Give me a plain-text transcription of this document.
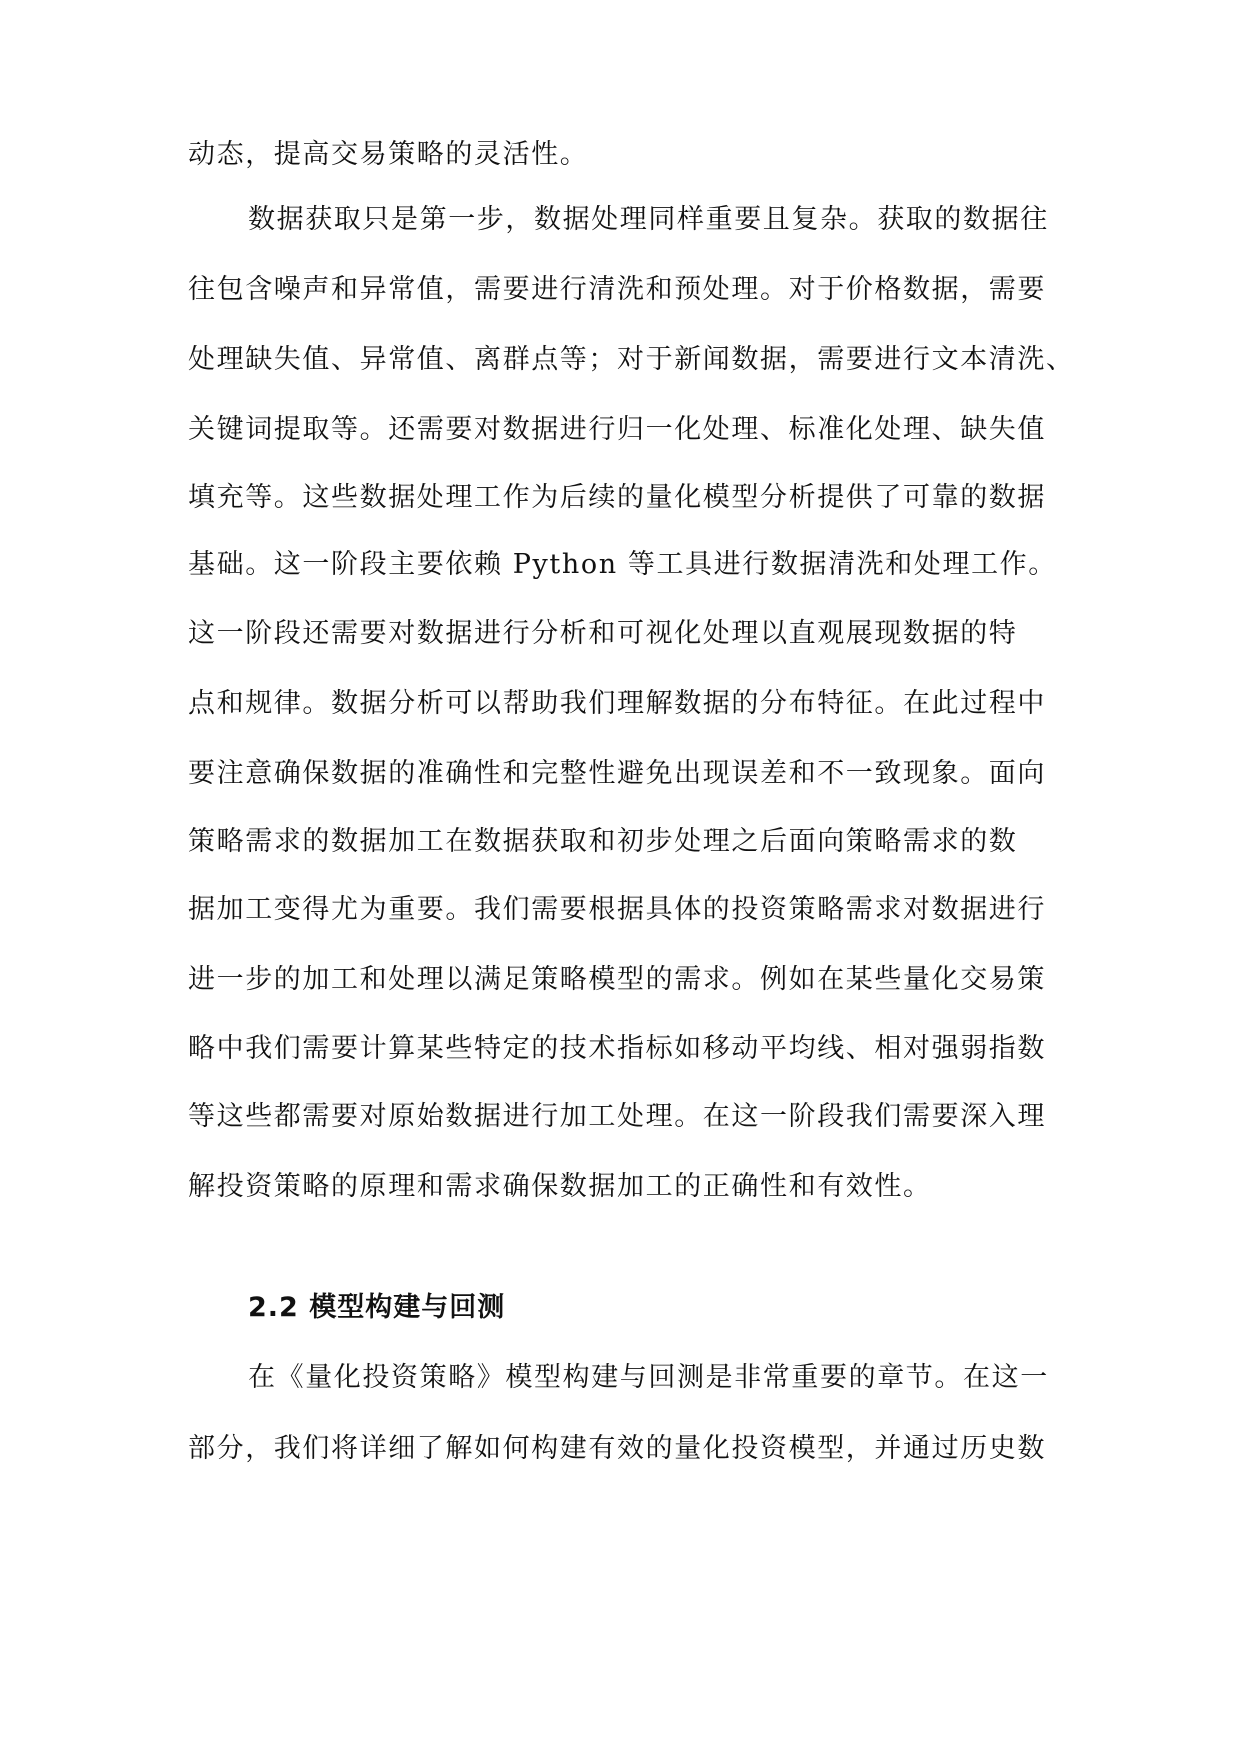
动态，提高交易策略的灵活性。
数据获取只是第一步，数据处理同样重要且复杂。获取的数据往
往包含噪声和异常值，需要进行清洗和预处理。对于价格数据，需要
处理缺失值、异常值、离群点等；对于新闻数据，需要进行文本清洗、
关键词提取等。还需要对数据进行归一化处理、标准化处理、缺失值
填充等。这些数据处理工作为后续的量化模型分析提供了可靠的数据
基础。这一阶段主要依赖 Python 等工具进行数据清洗和处理工作。
这一阶段还需要对数据进行分析和可视化处理以直观展现数据的特
点和规律。数据分析可以帮助我们理解数据的分布特征。在此过程中
要注意确保数据的准确性和完整性避免出现误差和不一致现象。面向
策略需求的数据加工在数据获取和初步处理之后面向策略需求的数
据加工变得尤为重要。我们需要根据具体的投资策略需求对数据进行
进一步的加工和处理以满足策略模型的需求。例如在某些量化交易策
略中我们需要计算某些特定的技术指标如移动平均线、相对强弱指数
等这些都需要对原始数据进行加工处理。在这一阶段我们需要深入理
解投资策略的原理和需求确保数据加工的正确性和有效性。
2.2 模型构建与回测
在《量化投资策略》模型构建与回测是非常重要的章节。在这一
部分，我们将详细了解如何构建有效的量化投资模型，并通过历史数
